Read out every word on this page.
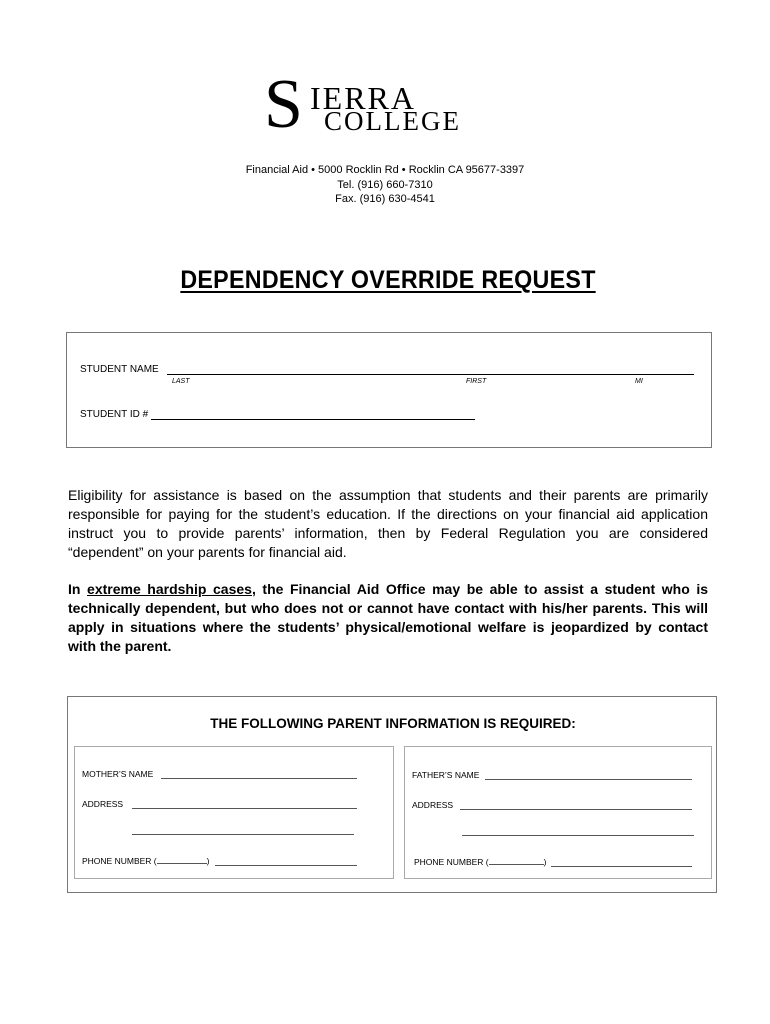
S IERRA
COLLEGE
Financial Aid • 5000 Rocklin Rd • Rocklin CA 95677-3397
Tel. (916) 660-7310
Fax. (916) 630-4541
DEPENDENCY OVERRIDE REQUEST
STUDENT NAME
LAST	FIRST	MI
STUDENT ID #
Eligibility for assistance is based on the assumption that students and their parents are primarily responsible for paying for the student’s education. If the directions on your financial aid application instruct you to provide parents’ information, then by Federal Regulation you are considered “dependent” on your parents for financial aid.
In extreme hardship cases, the Financial Aid Office may be able to assist a student who is technically dependent, but who does not or cannot have contact with his/her parents. This will apply in situations where the students’ physical/emotional welfare is jeopardized by contact with the parent.
THE FOLLOWING PARENT INFORMATION IS REQUIRED:
MOTHER’S NAME
ADDRESS
PHONE NUMBER (	)
FATHER’S NAME
ADDRESS
PHONE NUMBER (	)
